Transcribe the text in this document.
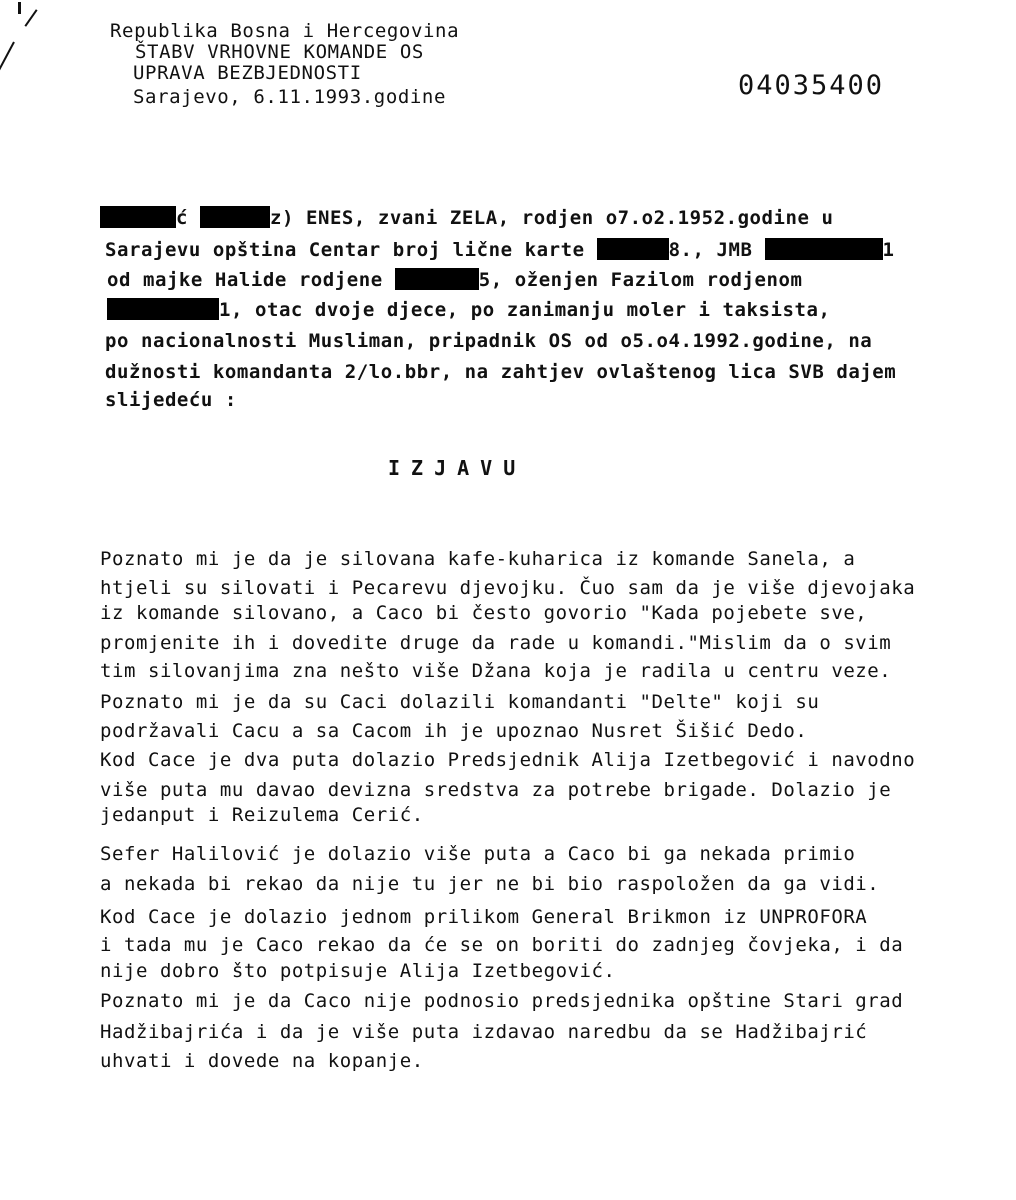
Republika Bosna i Hercegovina
ŠTABV VRHOVNE KOMANDE OS
UPRAVA BEZBJEDNOSTI
Sarajevo, 6.11.1993.godine	04035400
ć	z) ENES, zvani ZELA, rodjen o7.o2.1952.godine u
Sarajevu opština Centar broj lične karte	8., JMB	1
od majke Halide rodjene	5, oženjen Fazilom rodjenom
1, otac dvoje djece, po zanimanju moler i taksista,
po nacionalnosti Musliman, pripadnik OS od o5.o4.1992.godine, na
dužnosti komandanta 2/lo.bbr, na zahtjev ovlaštenog lica SVB dajem
slijedeću :
IZJAVU
Poznato mi je da je silovana kafe-kuharica iz komande Sanela, a
htjeli su silovati i Pecarevu djevojku. Čuo sam da je više djevojaka
iz komande silovano, a Caco bi često govorio "Kada pojebete sve,
promjenite ih i dovedite druge da rade u komandi."Mislim da o svim
tim silovanjima zna nešto više Džana koja je radila u centru veze.
Poznato mi je da su Caci dolazili komandanti "Delte" koji su
podržavali Cacu a sa Cacom ih je upoznao Nusret Šišić Dedo.
Kod Cace je dva puta dolazio Predsjednik Alija Izetbegović i navodno
više puta mu davao devizna sredstva za potrebe brigade. Dolazio je
jedanput i Reizulema Cerić.
Sefer Halilović je dolazio više puta a Caco bi ga nekada primio
a nekada bi rekao da nije tu jer ne bi bio raspoložen da ga vidi.
Kod Cace je dolazio jednom prilikom General Brikmon iz UNPROFORA
i tada mu je Caco rekao da će se on boriti do zadnjeg čovjeka, i da
nije dobro što potpisuje Alija Izetbegović.
Poznato mi je da Caco nije podnosio predsjednika opštine Stari grad
Hadžibajrića i da je više puta izdavao naredbu da se Hadžibajrić
uhvati i dovede na kopanje.
